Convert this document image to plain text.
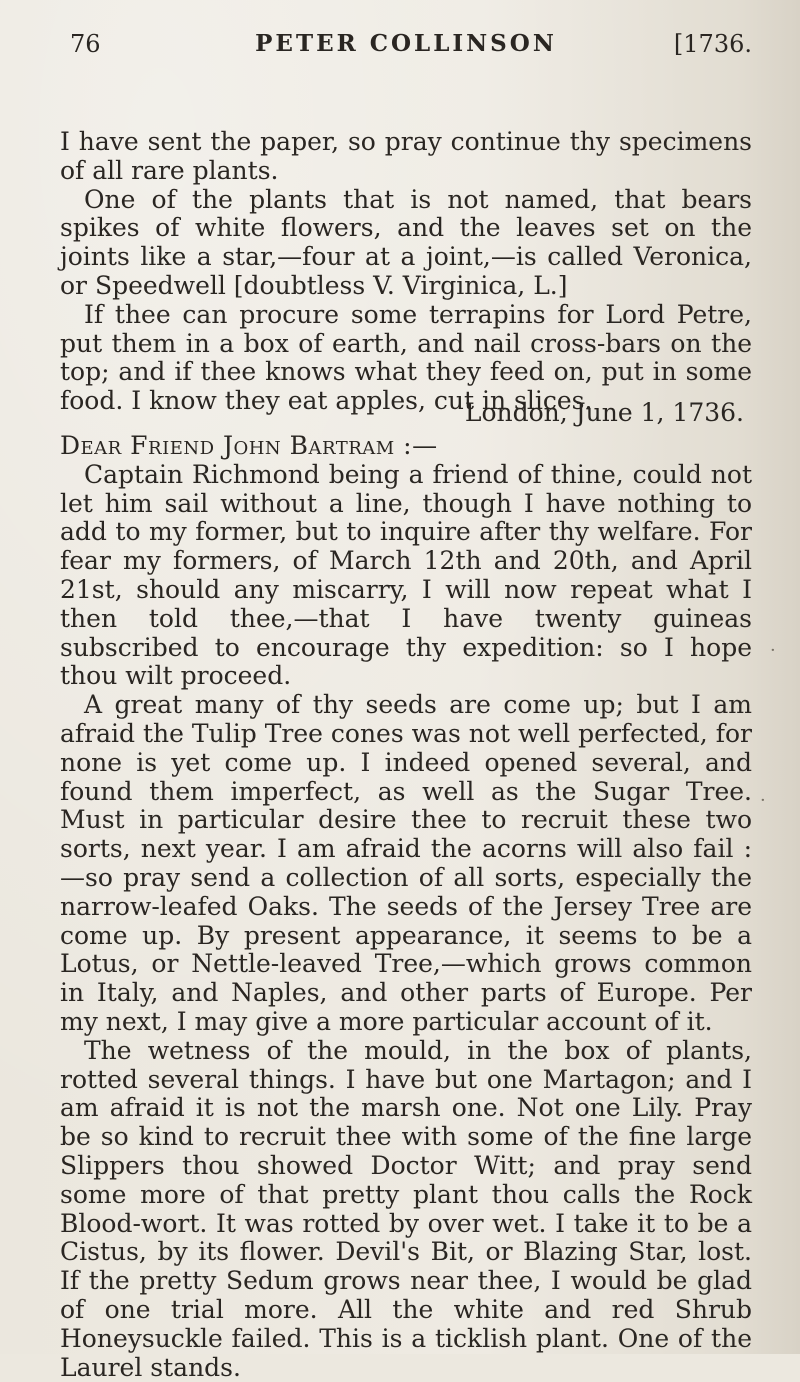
76	PETER COLLINSON	[1736.

I have sent the paper, so pray continue thy specimens of all rare plants.

One of the plants that is not named, that bears spikes of white flowers, and the leaves set on the joints like a star,—four at a joint,—is called Veronica, or Speedwell [doubtless V. Virginica, L.]

If thee can procure some terrapins for Lord Petre, put them in a box of earth, and nail cross-bars on the top; and if thee knows what they feed on, put in some food. I know they eat apples, cut in slices.

London, June 1, 1736.

Dear Friend John Bartram :—

Captain Richmond being a friend of thine, could not let him sail without a line, though I have nothing to add to my former, but to inquire after thy welfare. For fear my formers, of March 12th and 20th, and April 21st, should any miscarry, I will now repeat what I then told thee,—that I have twenty guineas subscribed to encourage thy expedition: so I hope thou wilt proceed.

A great many of thy seeds are come up; but I am afraid the Tulip Tree cones was not well perfected, for none is yet come up. I indeed opened several, and found them imperfect, as well as the Sugar Tree. Must in particular desire thee to recruit these two sorts, next year. I am afraid the acorns will also fail :—so pray send a collection of all sorts, especially the narrow-leafed Oaks. The seeds of the Jersey Tree are come up. By present appearance, it seems to be a Lotus, or Nettle-leaved Tree,—which grows common in Italy, and Naples, and other parts of Europe. Per my next, I may give a more particular account of it.

The wetness of the mould, in the box of plants, rotted several things. I have but one Martagon; and I am afraid it is not the marsh one. Not one Lily. Pray be so kind to recruit thee with some of the fine large Slippers thou showed Doctor Witt; and pray send some more of that pretty plant thou calls the Rock Blood-wort. It was rotted by over wet. I take it to be a Cistus, by its flower. Devil's Bit, or Blazing Star, lost. If the pretty Sedum grows near thee, I would be glad of one trial more. All the white and red Shrub Honeysuckle failed. This is a ticklish plant. One of the Laurel stands.

·
·
